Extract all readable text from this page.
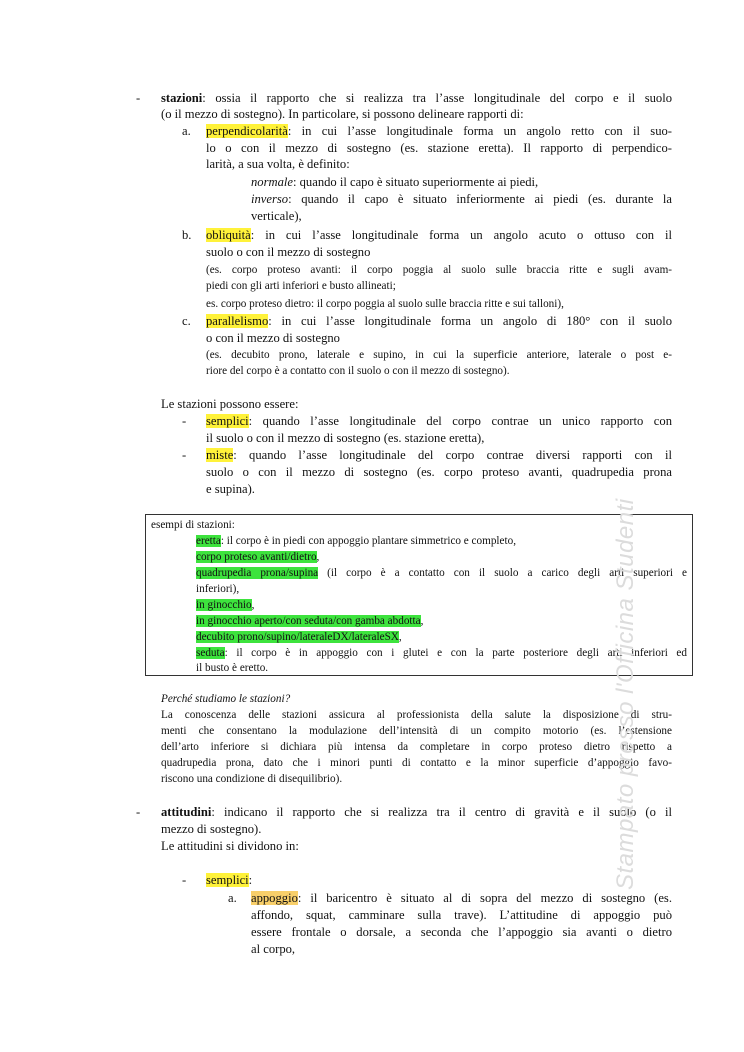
- stazioni: ossia il rapporto che si realizza tra l’asse longitudinale del corpo e il suolo
(o il mezzo di sostegno). In particolare, si possono delineare rapporti di:
a. perpendicolarità: in cui l’asse longitudinale forma un angolo retto con il suo-
lo o con il mezzo di sostegno (es. stazione eretta). Il rapporto di perpendico-
larità, a sua volta, è definito:
normale: quando il capo è situato superiormente ai piedi,
inverso: quando il capo è situato inferiormente ai piedi (es. durante la
verticale),
b. obliquità: in cui l’asse longitudinale forma un angolo acuto o ottuso con il
suolo o con il mezzo di sostegno
(es. corpo proteso avanti: il corpo poggia al suolo sulle braccia ritte e sugli avam-
piedi con gli arti inferiori e busto allineati;
es. corpo proteso dietro: il corpo poggia al suolo sulle braccia ritte e sui talloni),
c. parallelismo: in cui l’asse longitudinale forma un angolo di 180° con il suolo
o con il mezzo di sostegno
(es. decubito prono, laterale e supino, in cui la superficie anteriore, laterale o post e-
riore del corpo è a contatto con il suolo o con il mezzo di sostegno).
Le stazioni possono essere:
- semplici: quando l’asse longitudinale del corpo contrae un unico rapporto con
il suolo o con il mezzo di sostegno (es. stazione eretta),
- miste: quando l’asse longitudinale del corpo contrae diversi rapporti con il
suolo o con il mezzo di sostegno (es. corpo proteso avanti, quadrupedia prona
e supina).
esempi di stazioni:
eretta: il corpo è in piedi con appoggio plantare simmetrico e completo,
corpo proteso avanti/dietro,
quadrupedia prona/supina (il corpo è a contatto con il suolo a carico degli arti superiori e
inferiori),
in ginocchio,
in ginocchio aperto/con seduta/con gamba abdotta,
decubito prono/supino/lateraleDX/lateraleSX,
seduta: il corpo è in appoggio con i glutei e con la parte posteriore degli arti inferiori ed
il busto è eretto.
Perché studiamo le stazioni?
La conoscenza delle stazioni assicura al professionista della salute la disposizione di stru-
menti che consentano la modulazione dell’intensità di un compito motorio (es. l’estensione
dell’arto inferiore si dichiara più intensa da completare in corpo proteso dietro rispetto a
quadrupedia prona, dato che i minori punti di contatto e la minor superficie d’appoggio favo-
riscono una condizione di disequilibrio).
- attitudini: indicano il rapporto che si realizza tra il centro di gravità e il suolo (o il
mezzo di sostegno).
Le attitudini si dividono in:
- semplici:
a. appoggio: il baricentro è situato al di sopra del mezzo di sostegno (es.
affondo, squat, camminare sulla trave). L’attitudine di appoggio può
essere frontale o dorsale, a seconda che l’appoggio sia avanti o dietro
al corpo,
Stampato presso l'Officina Studenti
